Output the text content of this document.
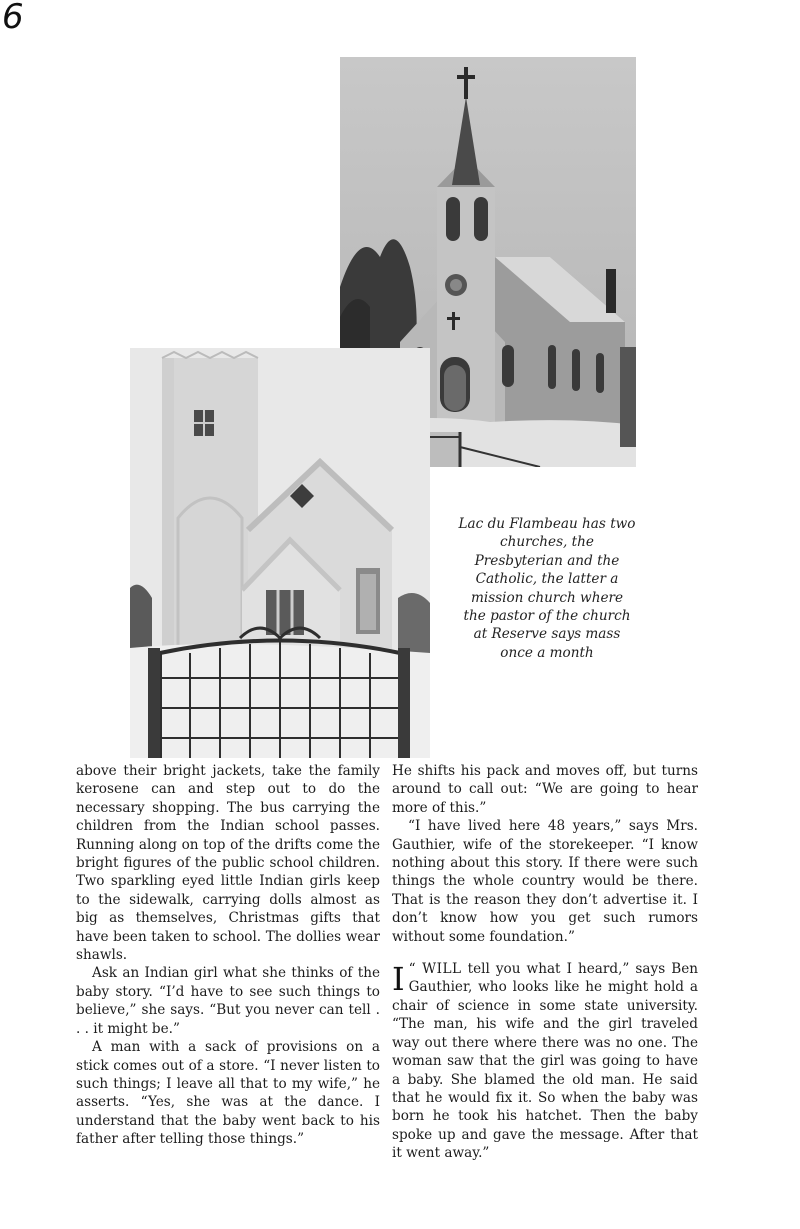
6
Lac du Flambeau has two churches, the Presbyterian and the Catholic, the latter a mission church where the pastor of the church at Reserve says mass once a month

above their bright jackets, take the family kerosene can and step out to do the necessary shopping. The bus carrying the children from the Indian school passes. Running along on top of the drifts come the bright figures of the public school children. Two sparkling eyed little Indian girls keep to the sidewalk, carrying dolls almost as big as themselves, Christmas gifts that have been taken to school. The dollies wear shawls.

Ask an Indian girl what she thinks of the baby story. “I’d have to see such things to believe,” she says. “But you never can tell . . . it might be.”

A man with a sack of provisions on a stick comes out of a store. “I never listen to such things; I leave all that to my wife,” he asserts. “Yes, she was at the dance. I understand that the baby went back to his father after telling those things.”

He shifts his pack and moves off, but turns around to call out: “We are going to hear more of this.”

“I have lived here 48 years,” says Mrs. Gauthier, wife of the storekeeper. “I know nothing about this story. If there were such things the whole country would be there. That is the reason they don’t advertise it. I don’t know how you get such rumors without some foundation.”

“
I WILL tell you what I heard,” says Ben Gauthier, who looks like he might hold a chair of science in some state university. “The man, his wife and the girl traveled way out there where there was no one. The woman saw that the girl was going to have a baby. She blamed the old man. He said that he would fix it. So when the baby was born he took his hatchet. Then the baby spoke up and gave the message. After that it went away.”
